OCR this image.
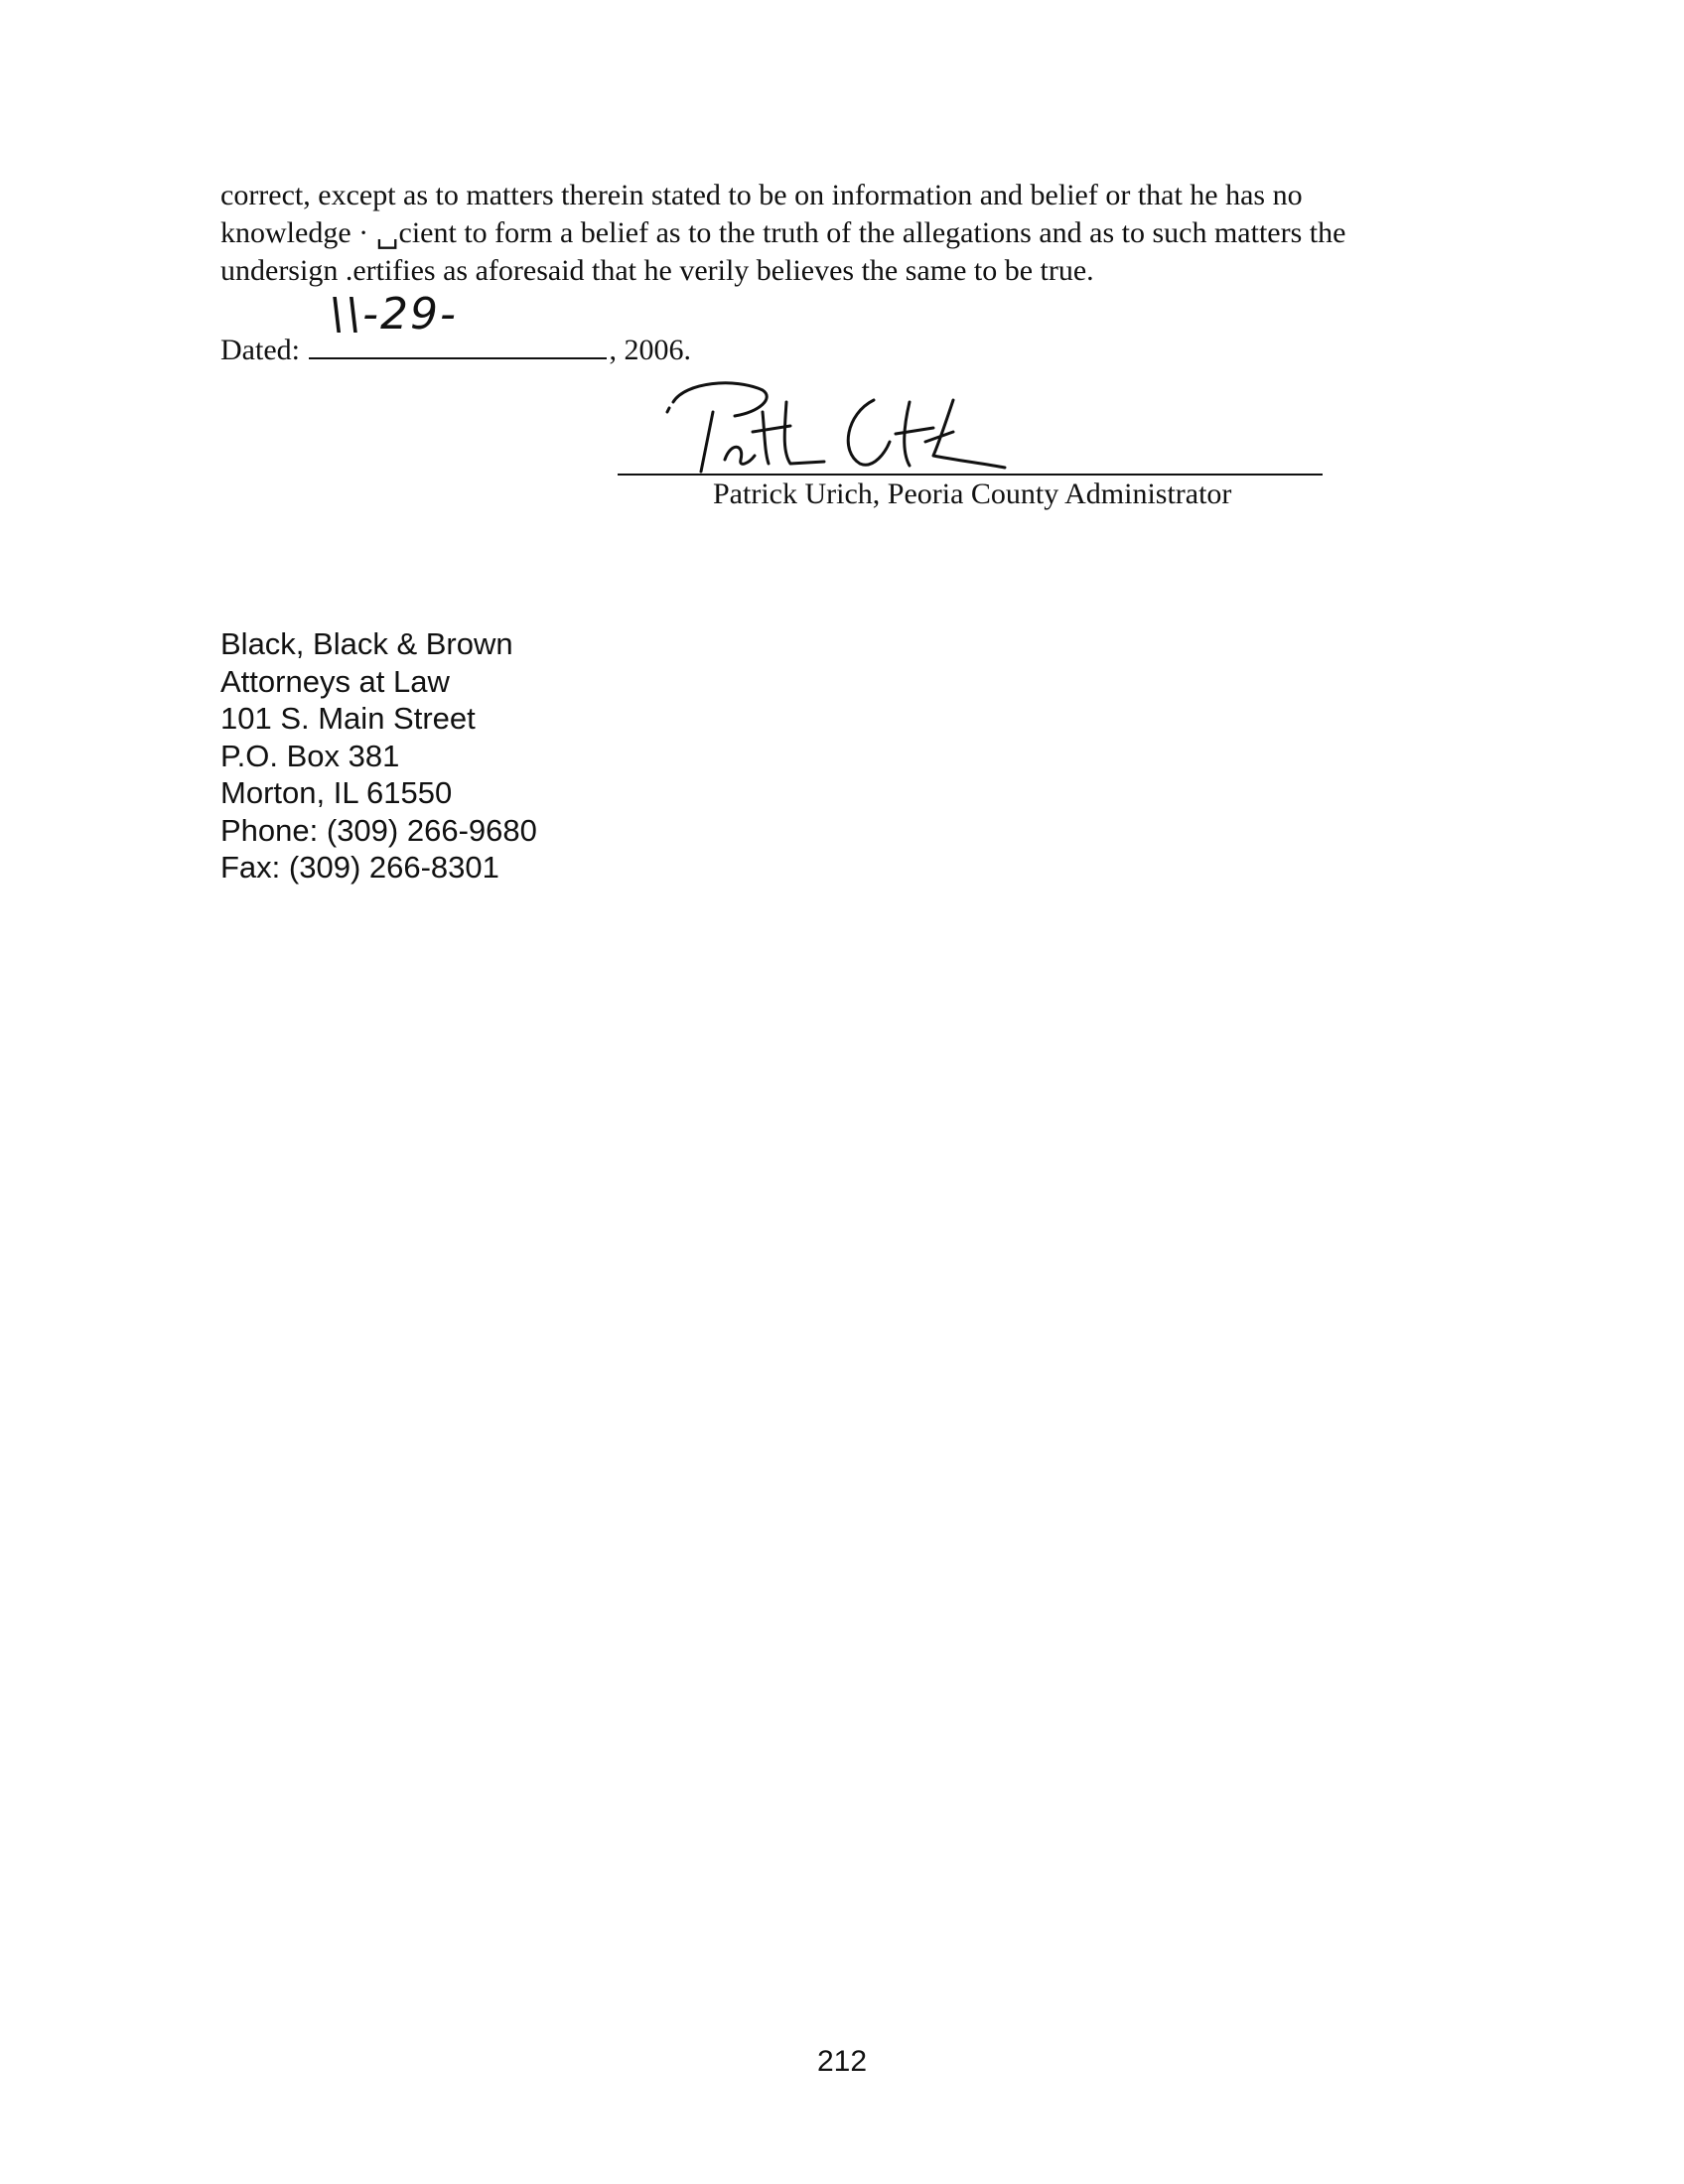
correct, except as to matters therein stated to be on information and belief or that he has no
knowledge · ␣cient to form a belief as to the truth of the allegations and as to such matters the
undersign .ertifies as aforesaid that he verily believes the same to be true.
Dated:
\\-29-
, 2006.
Patrick Urich, Peoria County Administrator
Black, Black & Brown
Attorneys at Law
101 S. Main Street
P.O. Box 381
Morton, IL 61550
Phone: (309) 266-9680
Fax: (309) 266-8301
212
